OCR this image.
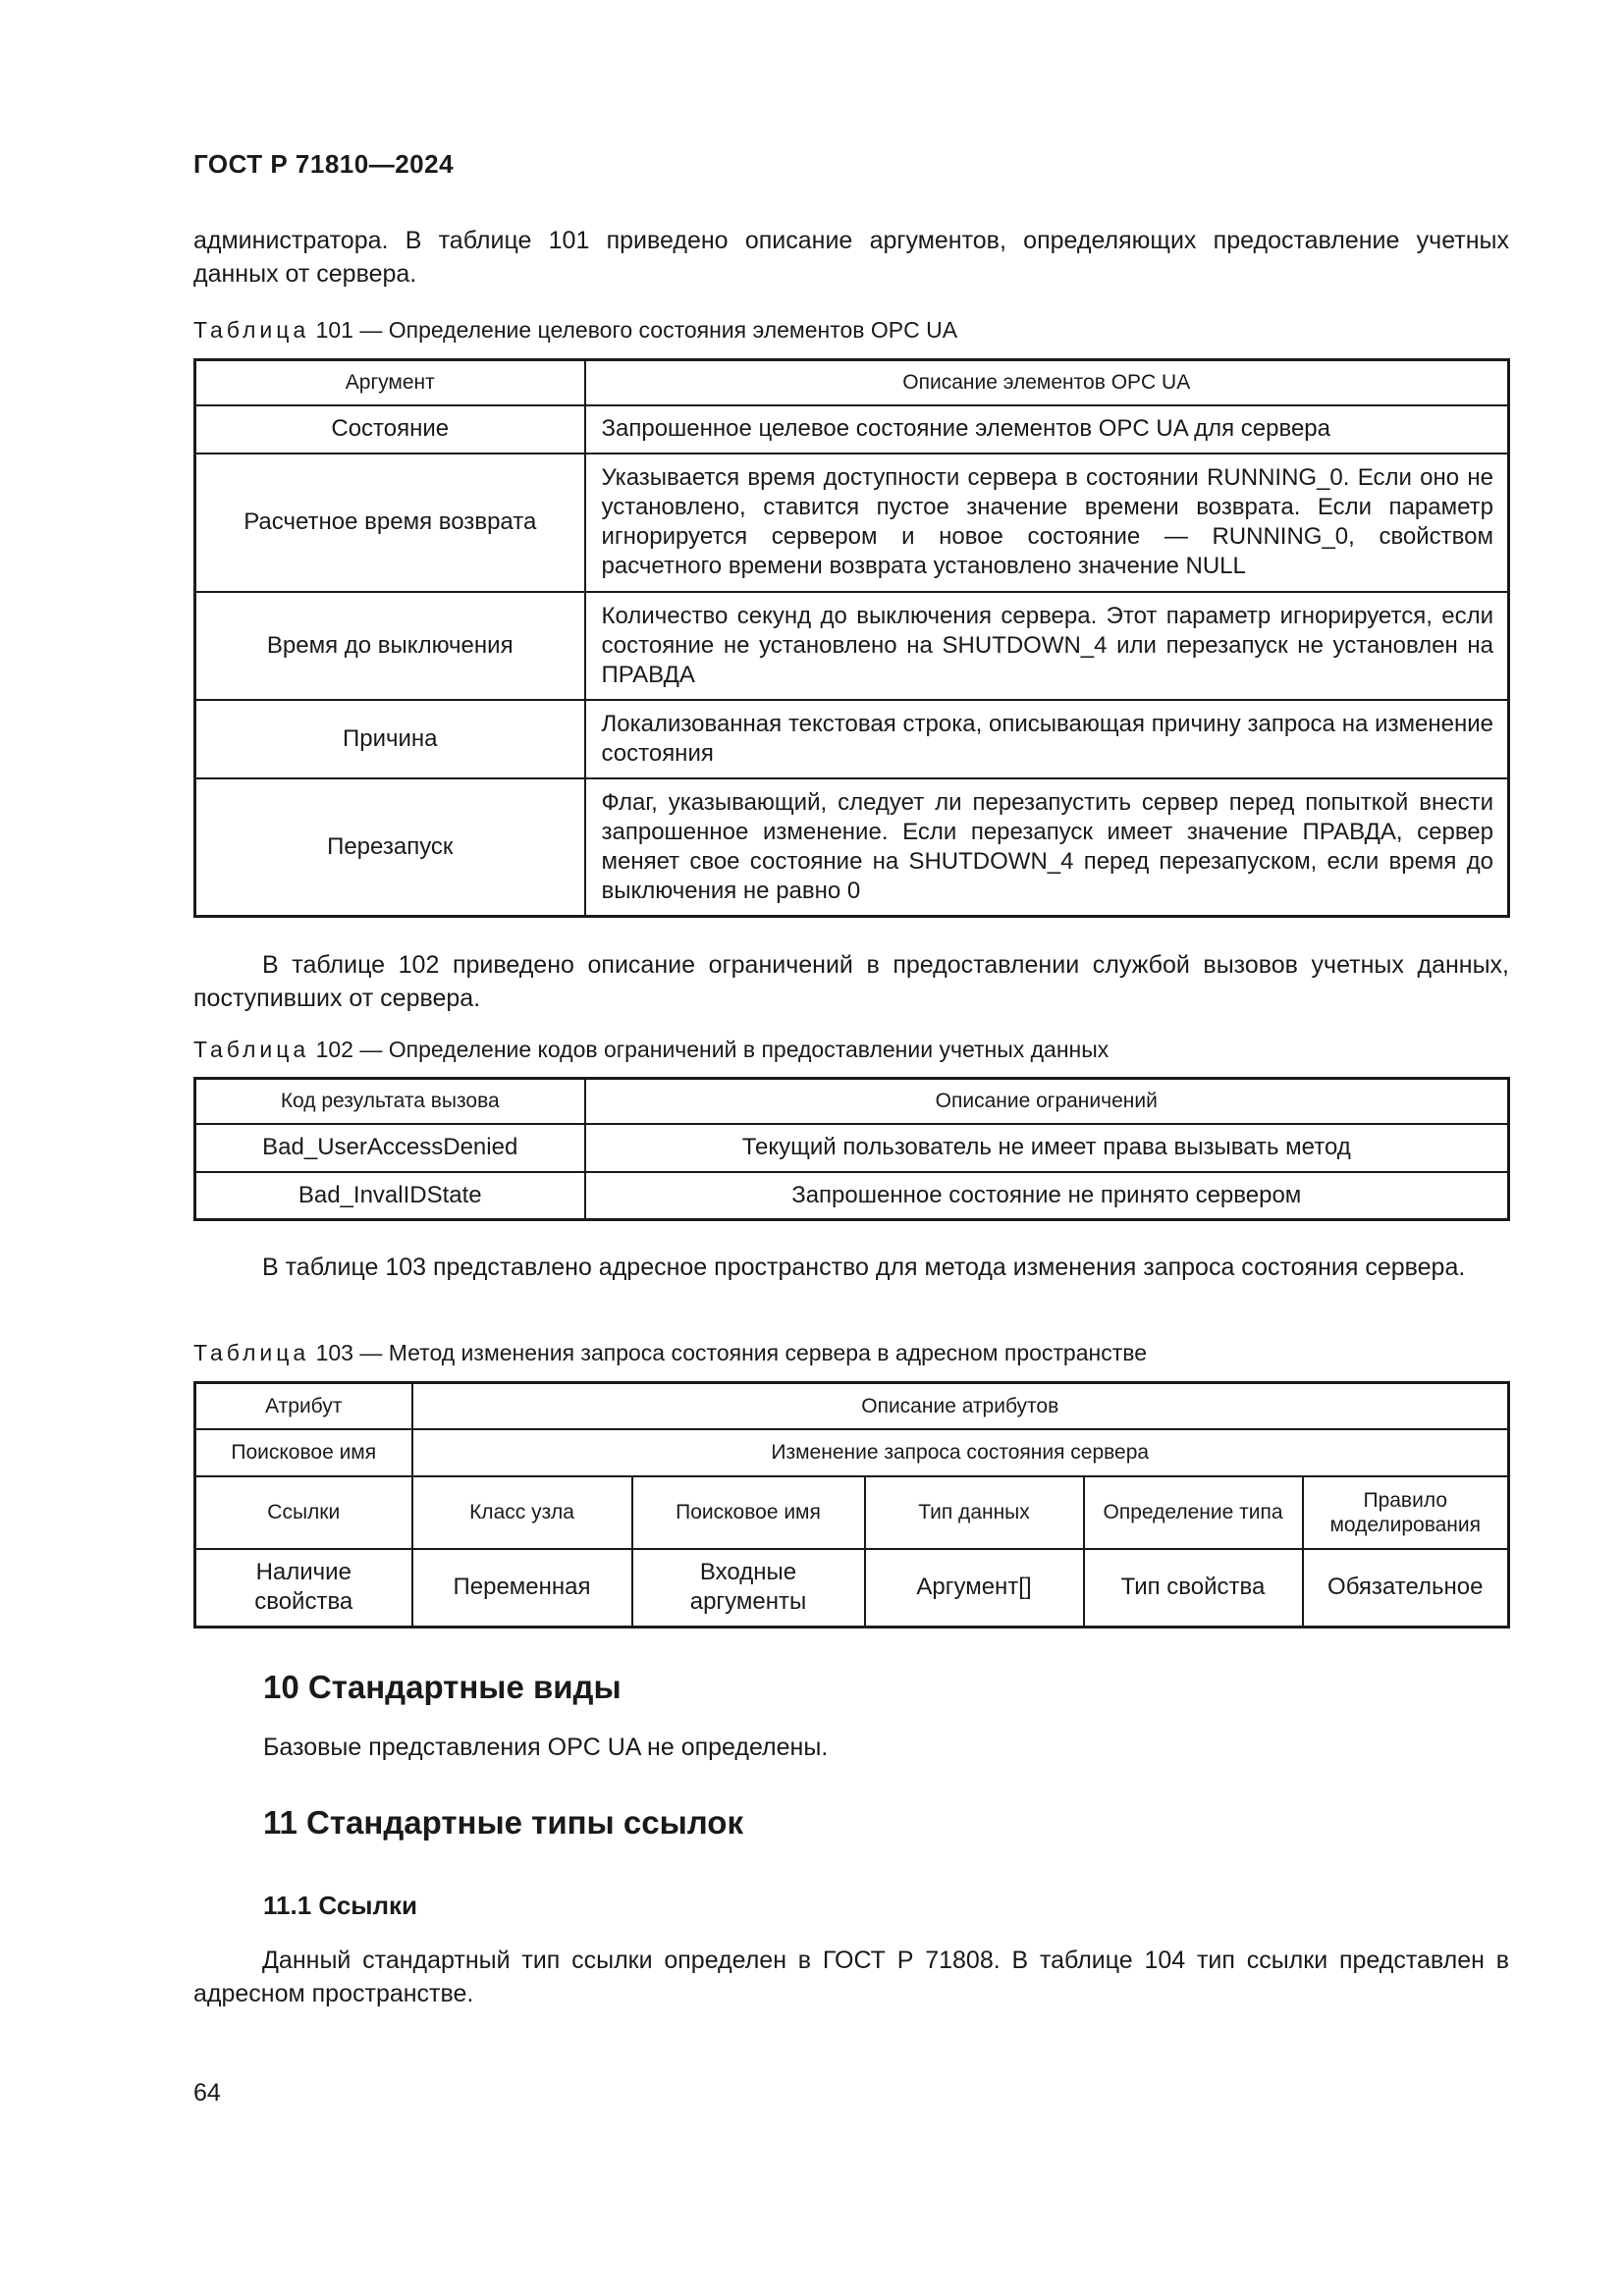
ГОСТ Р 71810—2024
администратора. В таблице 101 приведено описание аргументов, определяющих предоставление учетных данных от сервера.
Таблица 101 — Определение целевого состояния элементов OPC UA
Аргумент	Описание элементов OPC UA
Состояние	Запрошенное целевое состояние элементов OPC UA для сервера
Расчетное время возврата	Указывается время доступности сервера в состоянии RUNNING_0. Если оно не установлено, ставится пустое значение времени возврата. Если параметр игнорируется сервером и новое состояние — RUNNING_0, свойством расчетного времени возврата установлено значение NULL
Время до выключения	Количество секунд до выключения сервера. Этот параметр игнорируется, если состояние не установлено на SHUTDOWN_4 или перезапуск не установлен на ПРАВДА
Причина	Локализованная текстовая строка, описывающая причину запроса на изменение состояния
Перезапуск	Флаг, указывающий, следует ли перезапустить сервер перед попыткой внести запрошенное изменение. Если перезапуск имеет значение ПРАВДА, сервер меняет свое состояние на SHUTDOWN_4 перед перезапуском, если время до выключения не равно 0
В таблице 102 приведено описание ограничений в предоставлении службой вызовов учетных данных, поступивших от сервера.
Таблица 102 — Определение кодов ограничений в предоставлении учетных данных
Код результата вызова	Описание ограничений
Bad_UserAccessDenied	Текущий пользователь не имеет права вызывать метод
Bad_InvalIDState	Запрошенное состояние не принято сервером
В таблице 103 представлено адресное пространство для метода изменения запроса состояния сервера.
Таблица 103 — Метод изменения запроса состояния сервера в адресном пространстве
Атрибут	Описание атрибутов				
Поисковое имя	Изменение запроса состояния сервера				
Ссылки	Класс узла	Поисковое имя	Тип данных	Определение типа	Правило моделирования
Наличие свойства	Переменная	Входные аргументы	Аргумент[]	Тип свойства	Обязательное
10 Стандартные виды
Базовые представления OPC UA не определены.
11 Стандартные типы ссылок
11.1 Ссылки
Данный стандартный тип ссылки определен в ГОСТ Р 71808. В таблице 104 тип ссылки представлен в адресном пространстве.
64
